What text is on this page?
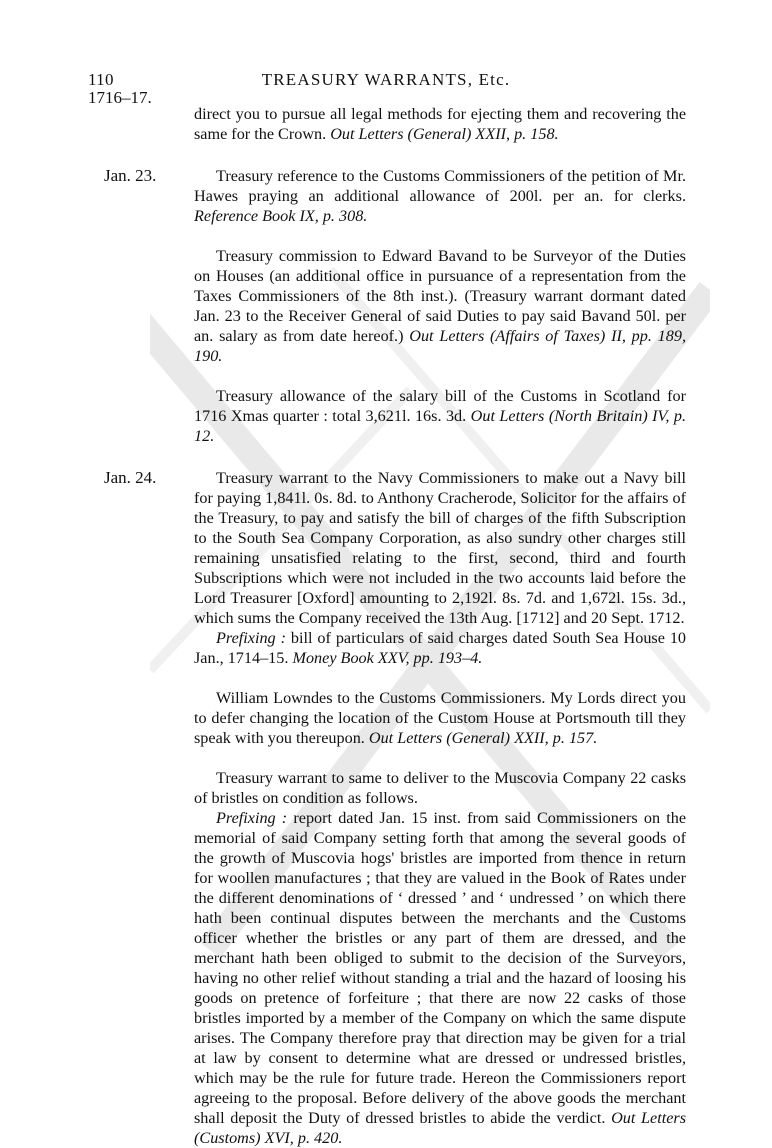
110	TREASURY WARRANTS, Etc.
1716–17.
direct you to pursue all legal methods for ejecting them and recovering the same for the Crown. Out Letters (General) XXII, p. 158.
Jan. 23.	Treasury reference to the Customs Commissioners of the petition of Mr. Hawes praying an additional allowance of 200l. per an. for clerks. Reference Book IX, p. 308.
Treasury commission to Edward Bavand to be Surveyor of the Duties on Houses (an additional office in pursuance of a representation from the Taxes Commissioners of the 8th inst.). (Treasury warrant dormant dated Jan. 23 to the Receiver General of said Duties to pay said Bavand 50l. per an. salary as from date hereof.) Out Letters (Affairs of Taxes) II, pp. 189, 190.
Treasury allowance of the salary bill of the Customs in Scotland for 1716 Xmas quarter : total 3,621l. 16s. 3d. Out Letters (North Britain) IV, p. 12.
Jan. 24.	Treasury warrant to the Navy Commissioners to make out a Navy bill for paying 1,841l. 0s. 8d. to Anthony Cracherode, Solicitor for the affairs of the Treasury, to pay and satisfy the bill of charges of the fifth Subscription to the South Sea Company Corporation, as also sundry other charges still remaining unsatisfied relating to the first, second, third and fourth Subscriptions which were not included in the two accounts laid before the Lord Treasurer [Oxford] amounting to 2,192l. 8s. 7d. and 1,672l. 15s. 3d., which sums the Company received the 13th Aug. [1712] and 20 Sept. 1712.

Prefixing : bill of particulars of said charges dated South Sea House 10 Jan., 1714–15. Money Book XXV, pp. 193–4.

William Lowndes to the Customs Commissioners. My Lords direct you to defer changing the location of the Custom House at Portsmouth till they speak with you thereupon. Out Letters (General) XXII, p. 157.

Treasury warrant to same to deliver to the Muscovia Company 22 casks of bristles on condition as follows.

Prefixing : report dated Jan. 15 inst. from said Commissioners on the memorial of said Company setting forth that among the several goods of the growth of Muscovia hogs' bristles are imported from thence in return for woollen manufactures ; that they are valued in the Book of Rates under the different denominations of ‘ dressed ’ and ‘ undressed ’ on which there hath been continual disputes between the merchants and the Customs officer whether the bristles or any part of them are dressed, and the merchant hath been obliged to submit to the decision of the Surveyors, having no other relief without standing a trial and the hazard of loosing his goods on pretence of forfeiture ; that there are now 22 casks of those bristles imported by a member of the Company on which the same dispute arises. The Company therefore pray that direction may be given for a trial at law by consent to determine what are dressed or undressed bristles, which may be the rule for future trade. Hereon the Commissioners report agreeing to the proposal. Before delivery of the above goods the merchant shall deposit the Duty of dressed bristles to abide the verdict. Out Letters (Customs) XVI, p. 420.
